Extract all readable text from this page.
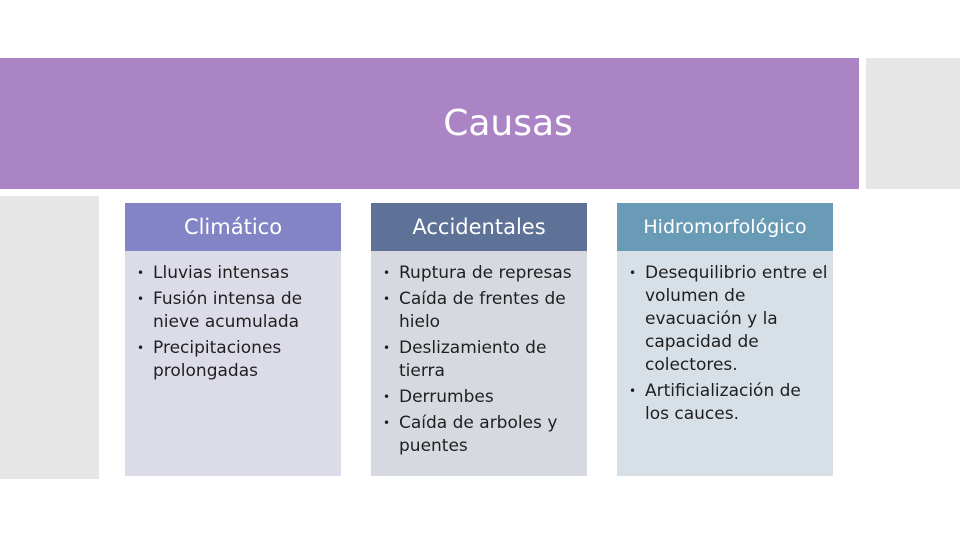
Causas
Climático
• Lluvias intensas
• Fusión intensa de nieve acumulada
• Precipitaciones prolongadas
Accidentales
• Ruptura de represas
• Caída de frentes de hielo
• Deslizamiento de tierra
• Derrumbes
• Caída de arboles y puentes
Hidromorfológico
• Desequilibrio entre el volumen de evacuación y la capacidad de colectores.
• Artificialización de los cauces.
